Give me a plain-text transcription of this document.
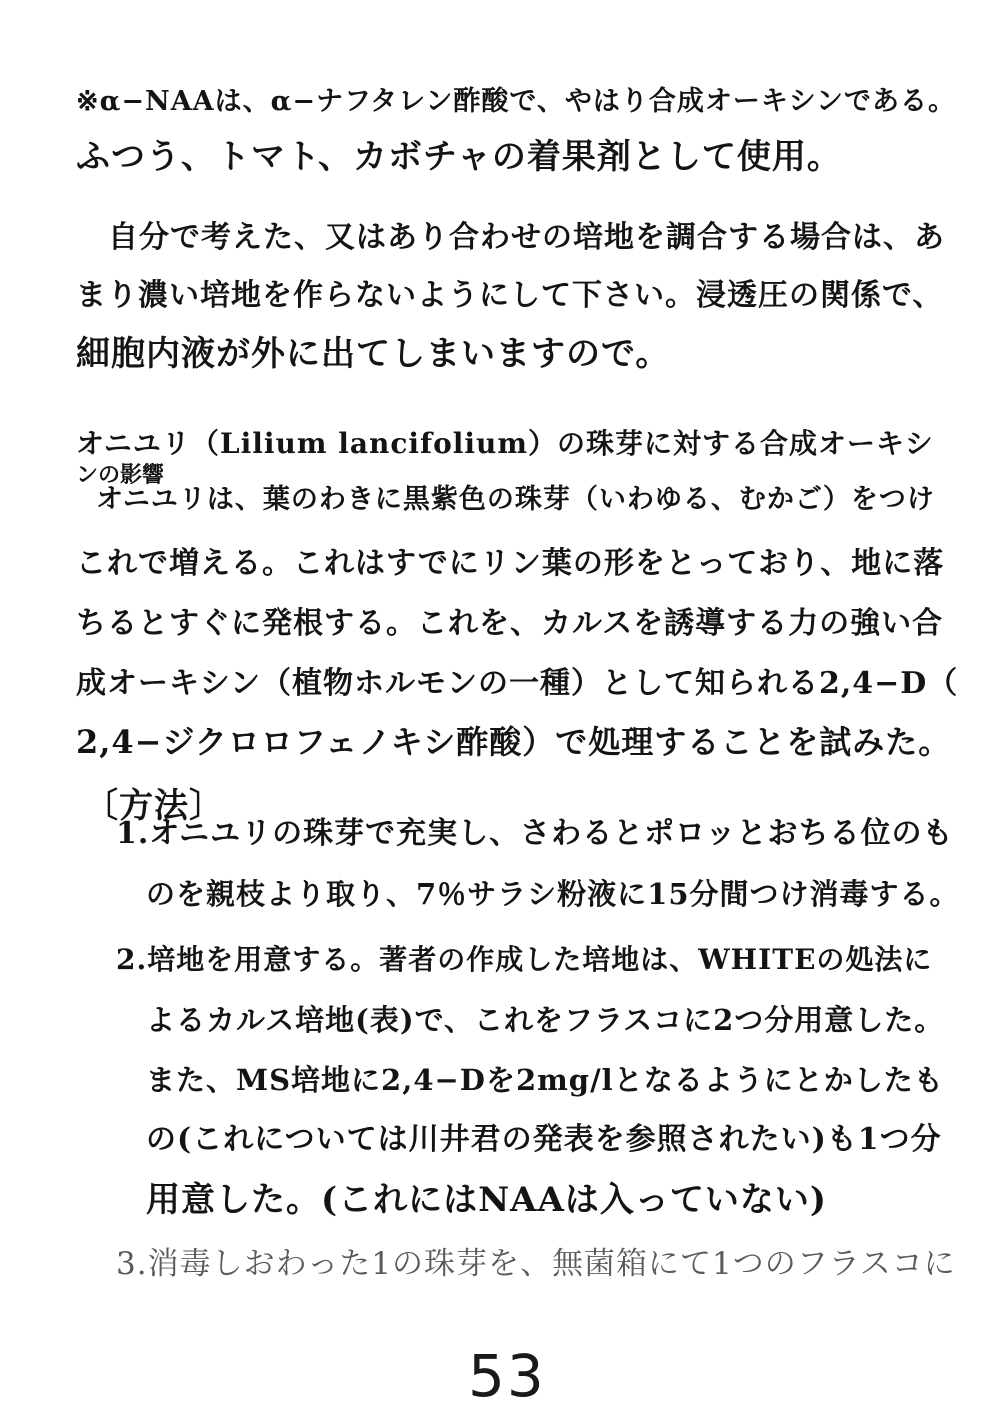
※α−NAAは、α−ナフタレン酢酸で、やはり合成オーキシンである。
ふつう、トマト、カボチャの着果剤として使用。
自分で考えた、又はあり合わせの培地を調合する場合は、あ
まり濃い培地を作らないようにして下さい。浸透圧の関係で、
細胞内液が外に出てしまいますので。
オニユリ（Lilium lancifolium）の珠芽に対する合成オーキシ
ンの影響
オニユリは、葉のわきに黒紫色の珠芽（いわゆる、むかご）をつけ
これで増える。これはすでにリン葉の形をとっており、地に落
ちるとすぐに発根する。これを、カルスを誘導する力の強い合
成オーキシン（植物ホルモンの一種）として知られる2,4−D（
2,4−ジクロロフェノキシ酢酸）で処理することを試みた。
〔方法〕
1.オニユリの珠芽で充実し、さわるとポロッとおちる位のも
のを親枝より取り、7％サラシ粉液に15分間つけ消毒する。
2.培地を用意する。著者の作成した培地は、WHITEの処法に
よるカルス培地(表)で、これをフラスコに2つ分用意した。
また、MS培地に2,4−Dを2mg/lとなるようにとかしたも
の(これについては川井君の発表を参照されたい)も1つ分
用意した。(これにはNAAは入っていない)
3.消毒しおわった1の珠芽を、無菌箱にて1つのフラスコに
53
